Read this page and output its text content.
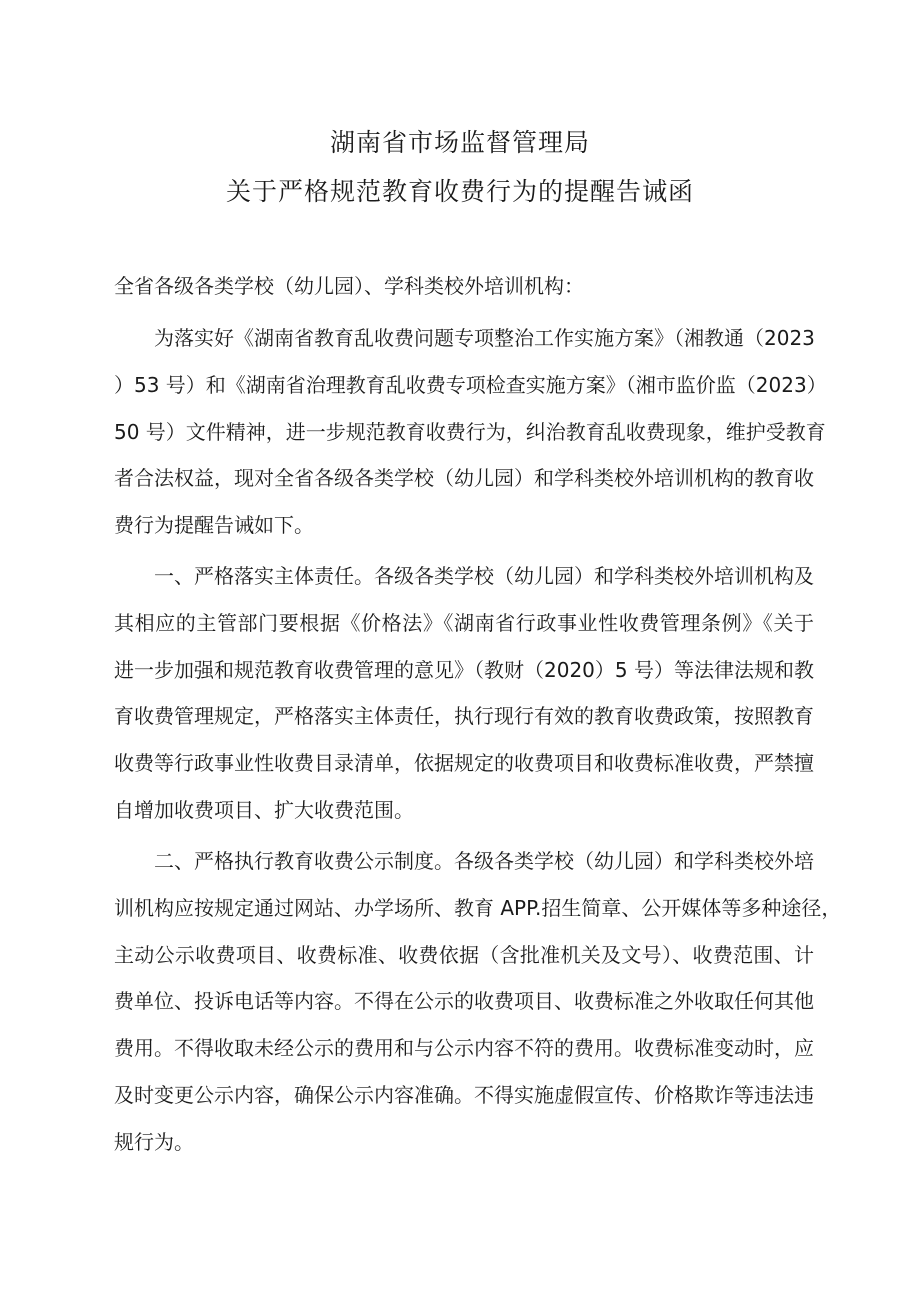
湖南省市场监督管理局
关于严格规范教育收费行为的提醒告诫函
全省各级各类学校（幼儿园）、学科类校外培训机构：
为落实好《湖南省教育乱收费问题专项整治工作实施方案》（湘教通（2023
）53 号）和《湖南省治理教育乱收费专项检查实施方案》（湘市监价监（2023）
50 号）文件精神，进一步规范教育收费行为，纠治教育乱收费现象，维护受教育
者合法权益，现对全省各级各类学校（幼儿园）和学科类校外培训机构的教育收
费行为提醒告诫如下。
一、严格落实主体责任。各级各类学校（幼儿园）和学科类校外培训机构及
其相应的主管部门要根据《价格法》《湖南省行政事业性收费管理条例》《关于
进一步加强和规范教育收费管理的意见》（教财（2020）5 号）等法律法规和教
育收费管理规定，严格落实主体责任，执行现行有效的教育收费政策，按照教育
收费等行政事业性收费目录清单，依据规定的收费项目和收费标准收费，严禁擅
自增加收费项目、扩大收费范围。
二、严格执行教育收费公示制度。各级各类学校（幼儿园）和学科类校外培
训机构应按规定通过网站、办学场所、教育 APP.招生简章、公开媒体等多种途径，
主动公示收费项目、收费标准、收费依据（含批准机关及文号）、收费范围、计
费单位、投诉电话等内容。不得在公示的收费项目、收费标准之外收取任何其他
费用。不得收取未经公示的费用和与公示内容不符的费用。收费标准变动时，应
及时变更公示内容，确保公示内容准确。不得实施虚假宣传、价格欺诈等违法违
规行为。
